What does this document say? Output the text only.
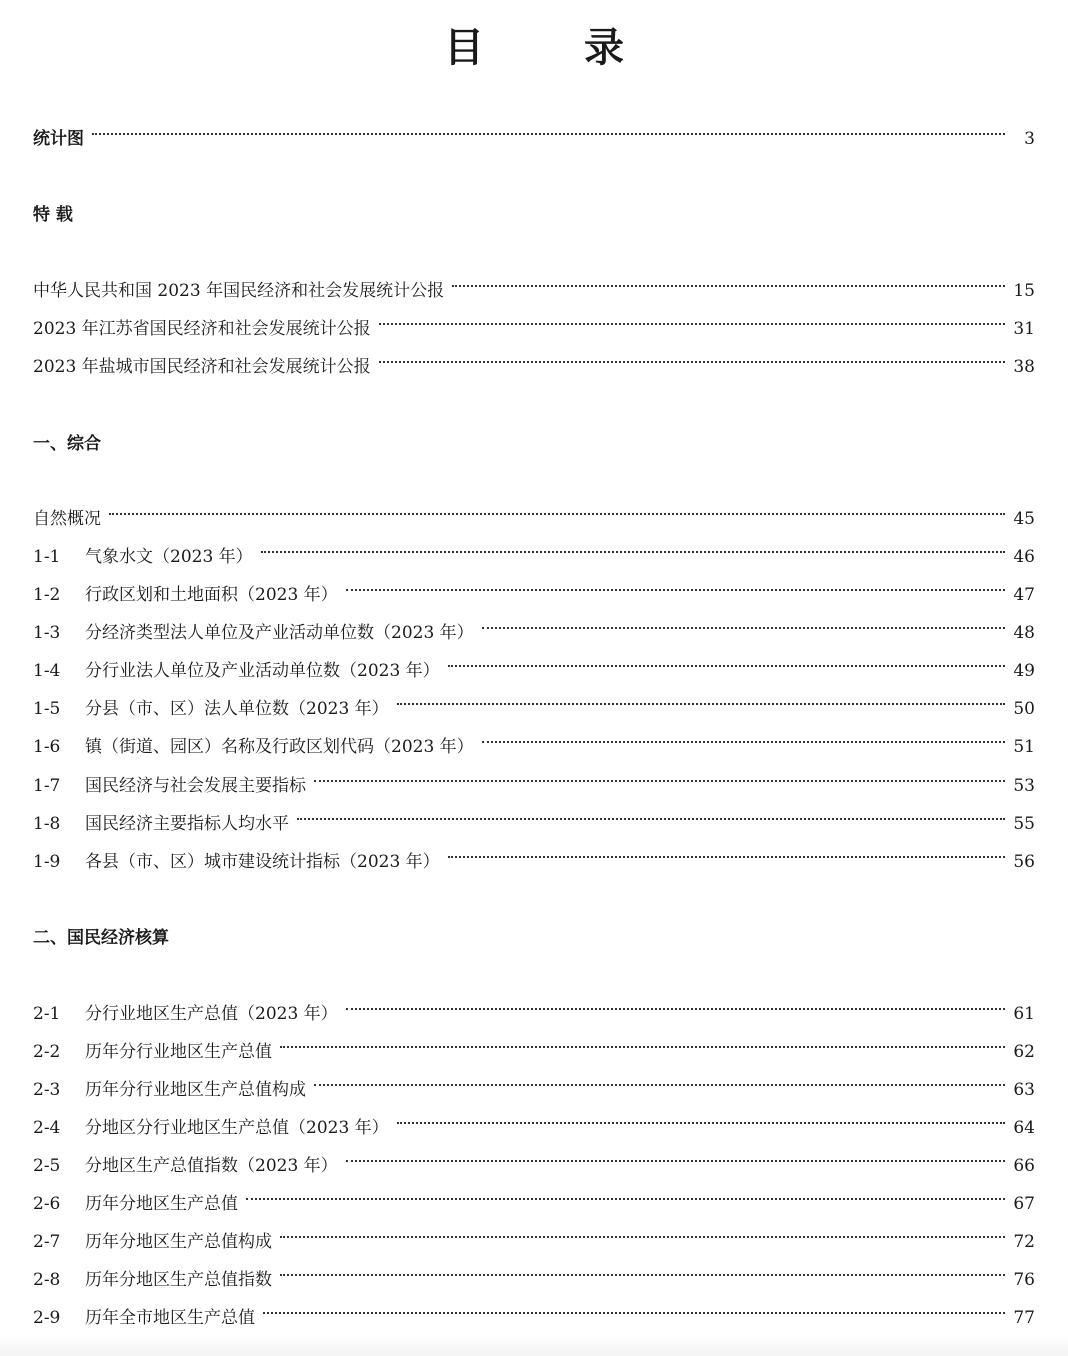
目	录
统计图	3
特 载
中华人民共和国 2023 年国民经济和社会发展统计公报	15
2023 年江苏省国民经济和社会发展统计公报	31
2023 年盐城市国民经济和社会发展统计公报	38
一、综合
自然概况	45
1-1	气象水文（2023 年）	46
1-2	行政区划和土地面积（2023 年）	47
1-3	分经济类型法人单位及产业活动单位数（2023 年）	48
1-4	分行业法人单位及产业活动单位数（2023 年）	49
1-5	分县（市、区）法人单位数（2023 年）	50
1-6	镇（街道、园区）名称及行政区划代码（2023 年）	51
1-7	国民经济与社会发展主要指标	53
1-8	国民经济主要指标人均水平	55
1-9	各县（市、区）城市建设统计指标（2023 年）	56
二、国民经济核算
2-1	分行业地区生产总值（2023 年）	61
2-2	历年分行业地区生产总值	62
2-3	历年分行业地区生产总值构成	63
2-4	分地区分行业地区生产总值（2023 年）	64
2-5	分地区生产总值指数（2023 年）	66
2-6	历年分地区生产总值	67
2-7	历年分地区生产总值构成	72
2-8	历年分地区生产总值指数	76
2-9	历年全市地区生产总值	77
